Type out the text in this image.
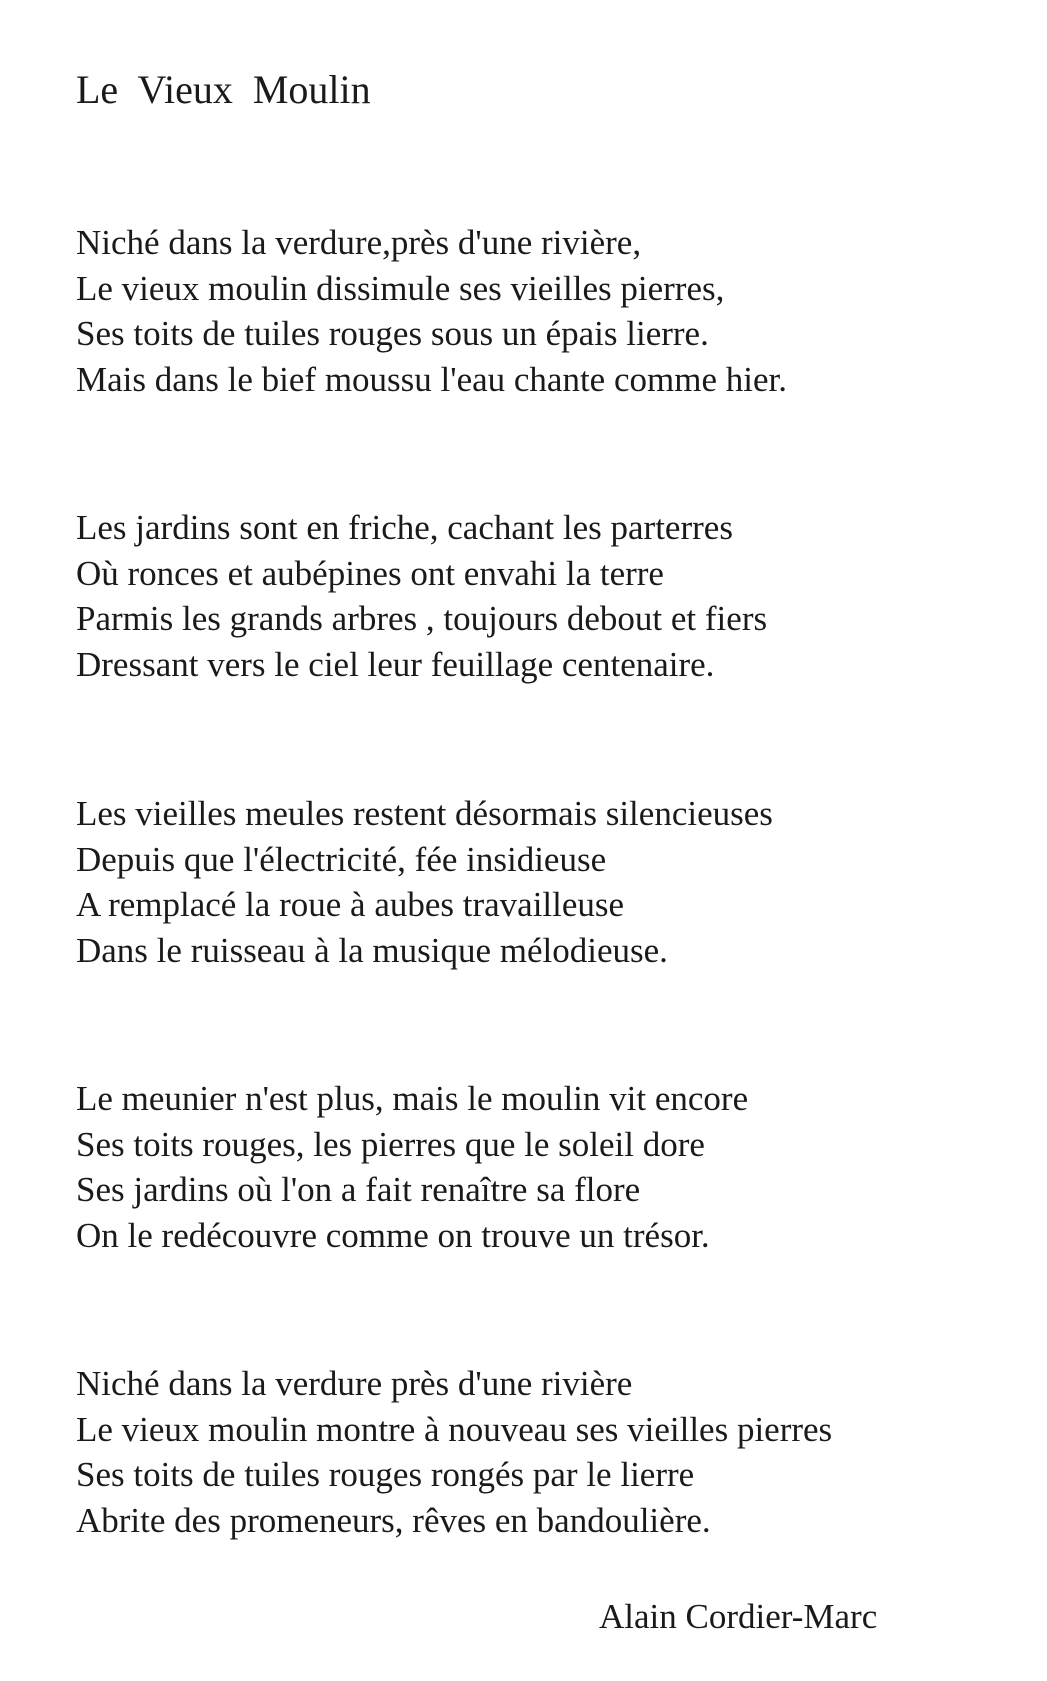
Le  Vieux  Moulin
Niché dans la verdure,près d'une rivière,
Le vieux moulin dissimule ses vieilles pierres,
Ses toits de tuiles rouges sous un épais lierre.
Mais dans le bief moussu l'eau chante comme hier.
Les jardins sont en friche, cachant les parterres
Où ronces et aubépines ont envahi la terre
Parmis les grands arbres , toujours debout et fiers
Dressant vers le ciel leur feuillage centenaire.
Les vieilles meules restent désormais silencieuses
Depuis que l'électricité, fée insidieuse
A remplacé la roue à aubes travailleuse
Dans le ruisseau à la musique mélodieuse.
Le meunier n'est plus, mais le moulin vit encore
Ses toits rouges, les pierres que le soleil dore
Ses jardins où l'on a fait renaître sa flore
On le redécouvre comme on trouve un trésor.
Niché dans la verdure près d'une rivière
Le vieux moulin montre à nouveau ses vieilles pierres
Ses toits de tuiles rouges rongés par le lierre
Abrite des promeneurs, rêves en bandoulière.
Alain Cordier-Marc
